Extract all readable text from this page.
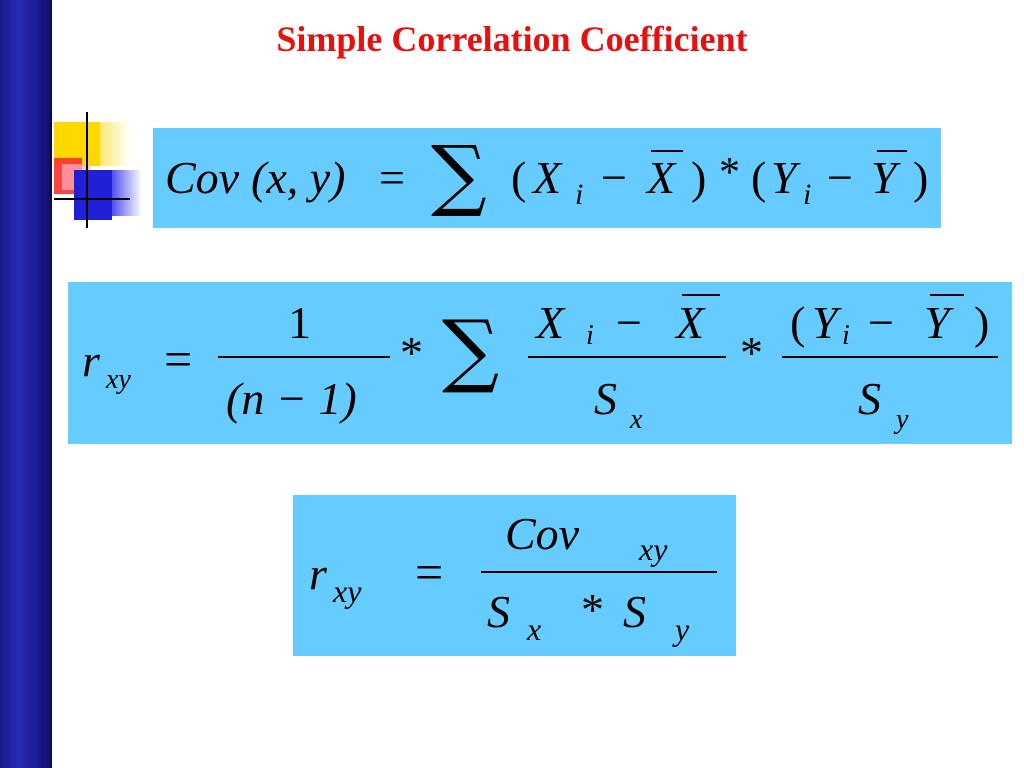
Simple Correlation Coefficient
Cov (x, y) = ∑ ( X i − X ) * ( Y i − Y )
r xy =
1
(n − 1)
* ∑ X i − X
S x
*
( Y i − Y )
S y
r xy =
Cov xy
S x * S y
